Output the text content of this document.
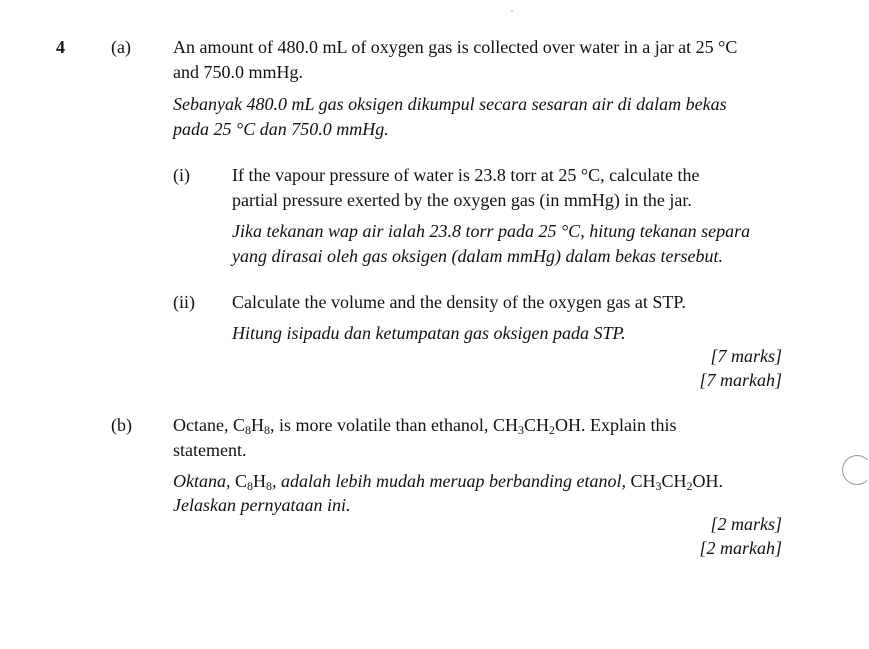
4	(a) An amount of 480.0 mL of oxygen gas is collected over water in a jar at 25 °C
and 750.0 mmHg.
Sebanyak 480.0 mL gas oksigen dikumpul secara sesaran air di dalam bekas
pada 25 °C dan 750.0 mmHg.
(i) If the vapour pressure of water is 23.8 torr at 25 °C, calculate the
partial pressure exerted by the oxygen gas (in mmHg) in the jar.
Jika tekanan wap air ialah 23.8 torr pada 25 °C, hitung tekanan separa
yang dirasai oleh gas oksigen (dalam mmHg) dalam bekas tersebut.
(ii) Calculate the volume and the density of the oxygen gas at STP.
Hitung isipadu dan ketumpatan gas oksigen pada STP.
[7 marks]
[7 markah]
(b) Octane, $C_8H_8$, is more volatile than ethanol, $CH_3CH_2OH$. Explain this
statement.
Oktana, $C_8H_8$, adalah lebih mudah meruap berbanding etanol, $CH_3CH_2OH$.
Jelaskan pernyataan ini.
[2 marks]
[2 markah]
